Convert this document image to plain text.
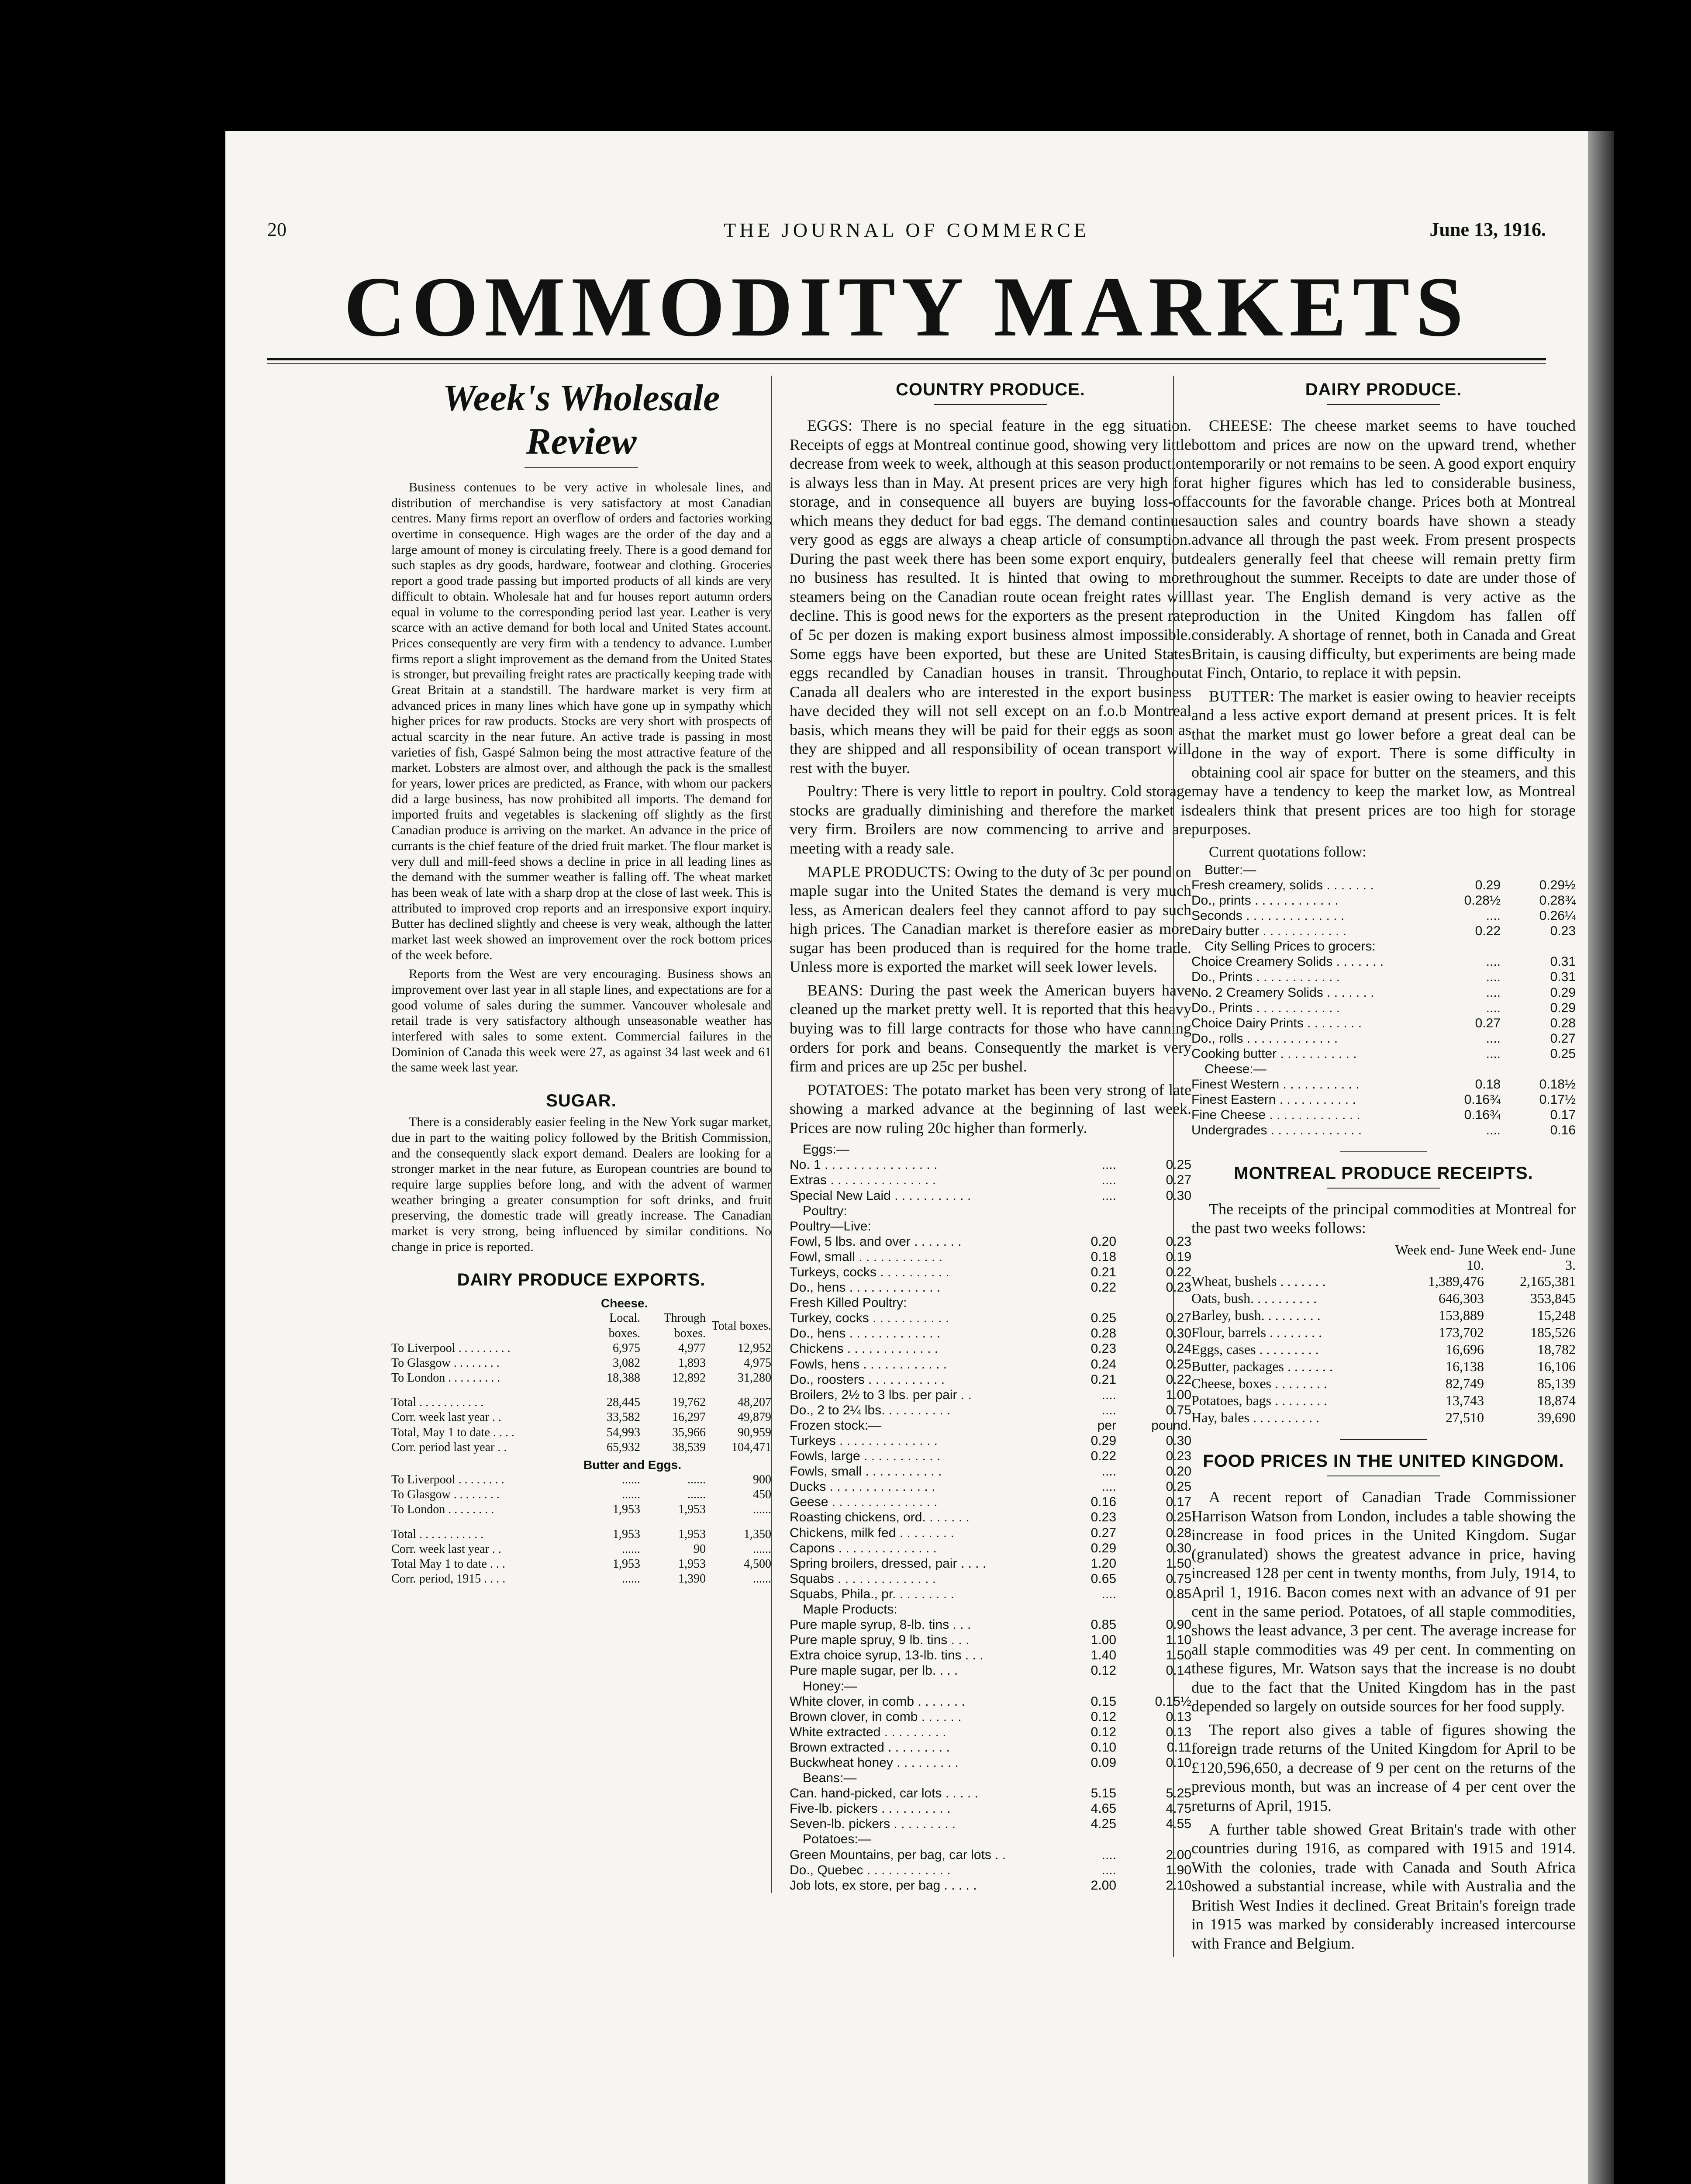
20	THE JOURNAL OF COMMERCE	June 13, 1916.
COMMODITY MARKETS
Week's Wholesale Review

Business contenues to be very active in wholesale lines, and distribution of merchandise is very satisfactory at most Canadian centres. Many firms report an overflow of orders and factories working overtime in consequence. High wages are the order of the day and a large amount of money is circulating freely. There is a good demand for such staples as dry goods, hardware, footwear and clothing. Groceries report a good trade passing but imported products of all kinds are very difficult to obtain. Wholesale hat and fur houses report autumn orders equal in volume to the corresponding period last year. Leather is very scarce with an active demand for both local and United States account. Prices consequently are very firm with a tendency to advance. Lumber firms report a slight improvement as the demand from the United States is stronger, but prevailing freight rates are practically keeping trade with Great Britain at a standstill. The hardware market is very firm at advanced prices in many lines which have gone up in sympathy which higher prices for raw products. Stocks are very short with prospects of actual scarcity in the near future. An active trade is passing in most varieties of fish, Gaspé Salmon being the most attractive feature of the market. Lobsters are almost over, and although the pack is the smallest for years, lower prices are predicted, as France, with whom our packers did a large business, has now prohibited all imports. The demand for imported fruits and vegetables is slackening off slightly as the first Canadian produce is arriving on the market. An advance in the price of currants is the chief feature of the dried fruit market. The flour market is very dull and mill-feed shows a decline in price in all leading lines as the demand with the summer weather is falling off. The wheat market has been weak of late with a sharp drop at the close of last week. This is attributed to improved crop reports and an irresponsive export inquiry. Butter has declined slightly and cheese is very weak, although the latter market last week showed an improvement over the rock bottom prices of the week before.

Reports from the West are very encouraging. Business shows an improvement over last year in all staple lines, and expectations are for a good volume of sales during the summer. Vancouver wholesale and retail trade is very satisfactory although unseasonable weather has interfered with sales to some extent. Commercial failures in the Dominion of Canada this week were 27, as against 34 last week and 61 the same week last year.

SUGAR.

There is a considerably easier feeling in the New York sugar market, due in part to the waiting policy followed by the British Commission, and the consequently slack export demand. Dealers are looking for a stronger market in the near future, as European countries are bound to require large supplies before long, and with the advent of warmer weather bringing a greater consumption for soft drinks, and fruit preserving, the domestic trade will greatly increase. The Canadian market is very strong, being influenced by similar conditions. No change in price is reported.

DAIRY PRODUCE EXPORTS.
	Cheese.		
	Local. boxes.	Through boxes.	Total boxes.
To Liverpool . . . . . . . . .	6,975	4,977	12,952
To Glasgow . . . . . . . .	3,082	1,893	4,975
To London . . . . . . . . .	18,388	12,892	31,280
Total . . . . . . . . . . .	28,445	19,762	48,207
Corr. week last year . .	33,582	16,297	49,879
Total, May 1 to date . . . .	54,993	35,966	90,959
Corr. period last year . .	65,932	38,539	104,471
	Butter and Eggs.		
To Liverpool . . . . . . . .	......	......	900
To Glasgow . . . . . . . .	......	......	450
To London . . . . . . . .	1,953	1,953	......
Total . . . . . . . . . . .	1,953	1,953	1,350
Corr. week last year . .	......	90	......
Total May 1 to date . . .	1,953	1,953	4,500
Corr. period, 1915 . . . .	......	1,390	......
COUNTRY PRODUCE.

EGGS: There is no special feature in the egg situation. Receipts of eggs at Montreal continue good, showing very little decrease from week to week, although at this season production is always less than in May. At present prices are very high for storage, and in consequence all buyers are buying loss-off which means they deduct for bad eggs. The demand continues very good as eggs are always a cheap article of consumption. During the past week there has been some export enquiry, but no business has resulted. It is hinted that owing to more steamers being on the Canadian route ocean freight rates will decline. This is good news for the exporters as the present rate of 5c per dozen is making export business almost impossible. Some eggs have been exported, but these are United States eggs recandled by Canadian houses in transit. Throughout Canada all dealers who are interested in the export business have decided they will not sell except on an f.o.b Montreal basis, which means they will be paid for their eggs as soon as they are shipped and all responsibility of ocean transport will rest with the buyer.

Poultry: There is very little to report in poultry. Cold storage stocks are gradually diminishing and therefore the market is very firm. Broilers are now commencing to arrive and are meeting with a ready sale.

MAPLE PRODUCTS: Owing to the duty of 3c per pound on maple sugar into the United States the demand is very much less, as American dealers feel they cannot afford to pay such high prices. The Canadian market is therefore easier as more sugar has been produced than is required for the home trade. Unless more is exported the market will seek lower levels.

BEANS: During the past week the American buyers have cleaned up the market pretty well. It is reported that this heavy buying was to fill large contracts for those who have canning orders for pork and beans. Consequently the market is very firm and prices are up 25c per bushel.

POTATOES: The potato market has been very strong of late showing a marked advance at the beginning of last week. Prices are now ruling 20c higher than formerly.

Eggs:—		
No. 1 . . . . . . . . . . . . . . . .	....	0.25
Extras . . . . . . . . . . . . . . .	....	0.27
Special New Laid . . . . . . . . . . .	....	0.30
Poultry:		
Poultry—Live:		
Fowl, 5 lbs. and over . . . . . . .	0.20	0.23
Fowl, small . . . . . . . . . . . .	0.18	0.19
Turkeys, cocks . . . . . . . . . .	0.21	0.22
Do., hens . . . . . . . . . . . . .	0.22	0.23
Fresh Killed Poultry:		
Turkey, cocks . . . . . . . . . . .	0.25	0.27
Do., hens . . . . . . . . . . . . .	0.28	0.30
Chickens . . . . . . . . . . . . .	0.23	0.24
Fowls, hens . . . . . . . . . . . .	0.24	0.25
Do., roosters . . . . . . . . . . .	0.21	0.22
Broilers, 2½ to 3 lbs. per pair . .	....	1.00
Do., 2 to 2¼ lbs. . . . . . . . . .	....	0.75
Frozen stock:—	per	pound.
Turkeys . . . . . . . . . . . . . .	0.29	0.30
Fowls, large . . . . . . . . . . .	0.22	0.23
Fowls, small . . . . . . . . . . .	....	0.20
Ducks . . . . . . . . . . . . . . .	....	0.25
Geese . . . . . . . . . . . . . . .	0.16	0.17
Roasting chickens, ord. . . . . . .	0.23	0.25
Chickens, milk fed . . . . . . . .	0.27	0.28
Capons . . . . . . . . . . . . . .	0.29	0.30
Spring broilers, dressed, pair . . . .	1.20	1.50
Squabs . . . . . . . . . . . . . .	0.65	0.75
Squabs, Phila., pr. . . . . . . . .	....	0.85
Maple Products:		
Pure maple syrup, 8-lb. tins . . .	0.85	0.90
Pure maple spruy, 9 lb. tins . . .	1.00	1.10
Extra choice syrup, 13-lb. tins . . .	1.40	1.50
Pure maple sugar, per lb. . . .	0.12	0.14
Honey:—		
White clover, in comb . . . . . . .	0.15	0.15½
Brown clover, in comb . . . . . .	0.12	0.13
White extracted . . . . . . . . .	0.12	0.13
Brown extracted . . . . . . . . .	0.10	0.11
Buckwheat honey . . . . . . . . .	0.09	0.10
Beans:—		
Can. hand-picked, car lots . . . . .	5.15	5.25
Five-lb. pickers . . . . . . . . . .	4.65	4.75
Seven-lb. pickers . . . . . . . . .	4.25	4.55
Potatoes:—		
Green Mountains, per bag, car lots . .	....	2.00
Do., Quebec . . . . . . . . . . . .	....	1.90
Job lots, ex store, per bag . . . . .	2.00	2.10
DAIRY PRODUCE.

CHEESE: The cheese market seems to have touched bottom and prices are now on the upward trend, whether temporarily or not remains to be seen. A good export enquiry at higher figures which has led to considerable business, accounts for the favorable change. Prices both at Montreal auction sales and country boards have shown a steady advance all through the past week. From present prospects dealers generally feel that cheese will remain pretty firm throughout the summer. Receipts to date are under those of last year. The English demand is very active as the production in the United Kingdom has fallen off considerably. A shortage of rennet, both in Canada and Great Britain, is causing difficulty, but experiments are being made at Finch, Ontario, to replace it with pepsin.

BUTTER: The market is easier owing to heavier receipts and a less active export demand at present prices. It is felt that the market must go lower before a great deal can be done in the way of export. There is some difficulty in obtaining cool air space for butter on the steamers, and this may have a tendency to keep the market low, as Montreal dealers think that present prices are too high for storage purposes.

Current quotations follow:
Butter:—		
Fresh creamery, solids . . . . . . .	0.29	0.29½
Do., prints . . . . . . . . . . . .	0.28½	0.28¾
Seconds . . . . . . . . . . . . . .	....	0.26¼
Dairy butter . . . . . . . . . . . .	0.22	0.23
City Selling Prices to grocers:		
Choice Creamery Solids . . . . . . .	....	0.31
Do., Prints . . . . . . . . . . . .	....	0.31
No. 2 Creamery Solids . . . . . . .	....	0.29
Do., Prints . . . . . . . . . . . .	....	0.29
Choice Dairy Prints . . . . . . . .	0.27	0.28
Do., rolls . . . . . . . . . . . . .	....	0.27
Cooking butter . . . . . . . . . . .	....	0.25
Cheese:—		
Finest Western . . . . . . . . . . .	0.18	0.18½
Finest Eastern . . . . . . . . . . .	0.16¾	0.17½
Fine Cheese . . . . . . . . . . . . .	0.16¾	0.17
Undergrades . . . . . . . . . . . . .	....	0.16
MONTREAL PRODUCE RECEIPTS.

The receipts of the principal commodities at Montreal for the past two weeks follows:

	Week end- June 10.	Week end- June 3.
Wheat, bushels . . . . . . .	1,389,476	2,165,381
Oats, bush. . . . . . . . . .	646,303	353,845
Barley, bush. . . . . . . . .	153,889	15,248
Flour, barrels . . . . . . . .	173,702	185,526
Eggs, cases . . . . . . . . .	16,696	18,782
Butter, packages . . . . . . .	16,138	16,106
Cheese, boxes . . . . . . . .	82,749	85,139
Potatoes, bags . . . . . . . .	13,743	18,874
Hay, bales . . . . . . . . . .	27,510	39,690
FOOD PRICES IN THE UNITED KINGDOM.

A recent report of Canadian Trade Commissioner Harrison Watson from London, includes a table showing the increase in food prices in the United Kingdom. Sugar (granulated) shows the greatest advance in price, having increased 128 per cent in twenty months, from July, 1914, to April 1, 1916. Bacon comes next with an advance of 91 per cent in the same period. Potatoes, of all staple commodities, shows the least advance, 3 per cent. The average increase for all staple commodities was 49 per cent. In commenting on these figures, Mr. Watson says that the increase is no doubt due to the fact that the United Kingdom has in the past depended so largely on outside sources for her food supply.

The report also gives a table of figures showing the foreign trade returns of the United Kingdom for April to be £120,596,650, a decrease of 9 per cent on the returns of the previous month, but was an increase of 4 per cent over the returns of April, 1915.

A further table showed Great Britain's trade with other countries during 1916, as compared with 1915 and 1914. With the colonies, trade with Canada and South Africa showed a substantial increase, while with Australia and the British West Indies it declined. Great Britain's foreign trade in 1915 was marked by considerably increased intercourse with France and Belgium.
